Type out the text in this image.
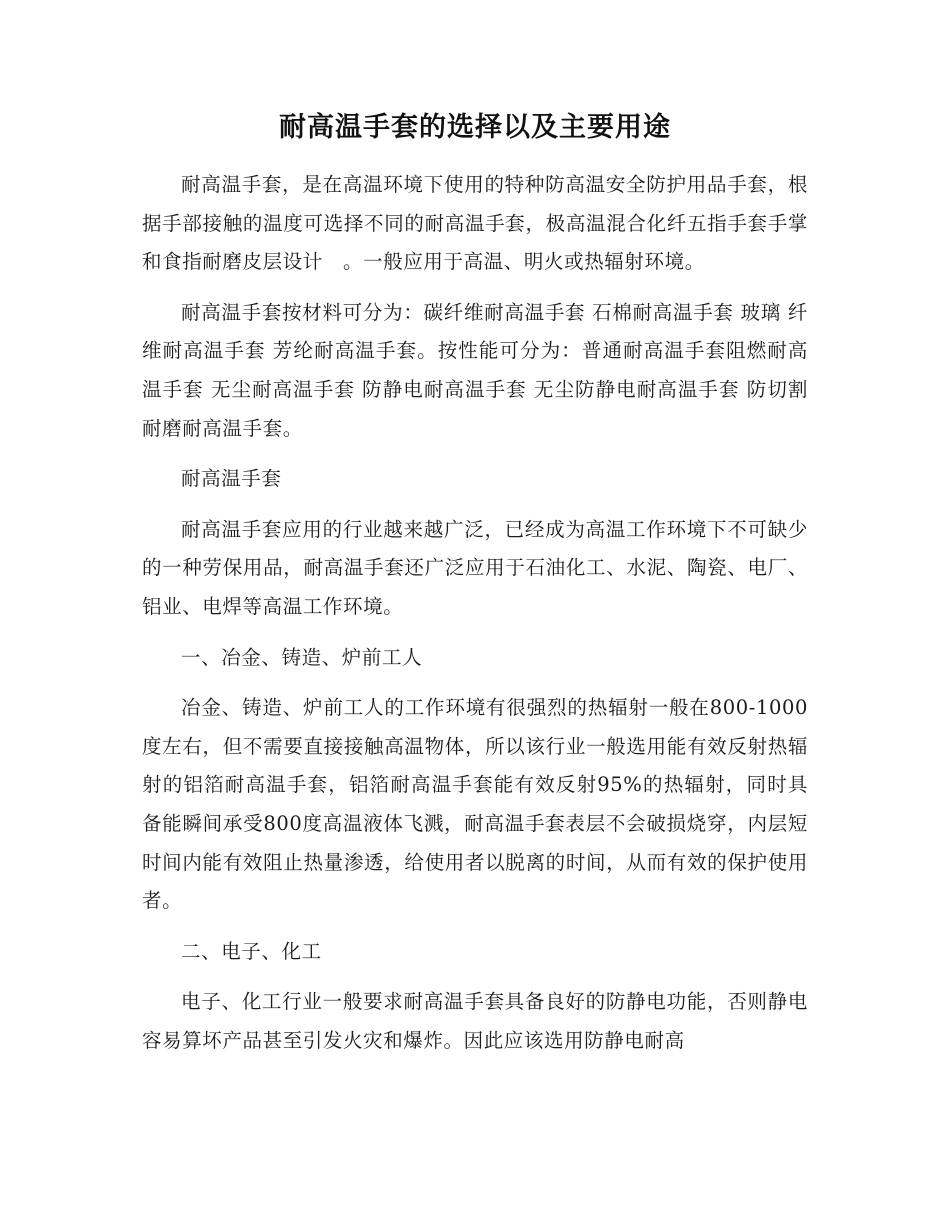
耐高温手套的选择以及主要用途

耐高温手套，是在高温环境下使用的特种防高温安全防护用品手套，根据手部接触的温度可选择不同的耐高温手套，极高温混合化纤五指手套手掌和食指耐磨皮层设计　。一般应用于高温、明火或热辐射环境。

耐高温手套按材料可分为：碳纤维耐高温手套 石棉耐高温手套 玻璃 纤维耐高温手套 芳纶耐高温手套。按性能可分为：普通耐高温手套阻燃耐高温手套 无尘耐高温手套 防静电耐高温手套 无尘防静电耐高温手套 防切割耐磨耐高温手套。

耐高温手套

耐高温手套应用的行业越来越广泛，已经成为高温工作环境下不可缺少的一种劳保用品，耐高温手套还广泛应用于石油化工、水泥、陶瓷、电厂、铝业、电焊等高温工作环境。

一、冶金、铸造、炉前工人

冶金、铸造、炉前工人的工作环境有很强烈的热辐射一般在800-1000度左右，但不需要直接接触高温物体，所以该行业一般选用能有效反射热辐射的铝箔耐高温手套，铝箔耐高温手套能有效反射95%的热辐射，同时具备能瞬间承受800度高温液体飞溅，耐高温手套表层不会破损烧穿，内层短时间内能有效阻止热量渗透，给使用者以脱离的时间，从而有效的保护使用者。

二、电子、化工

电子、化工行业一般要求耐高温手套具备良好的防静电功能，否则静电容易算坏产品甚至引发火灾和爆炸。因此应该选用防静电耐高
